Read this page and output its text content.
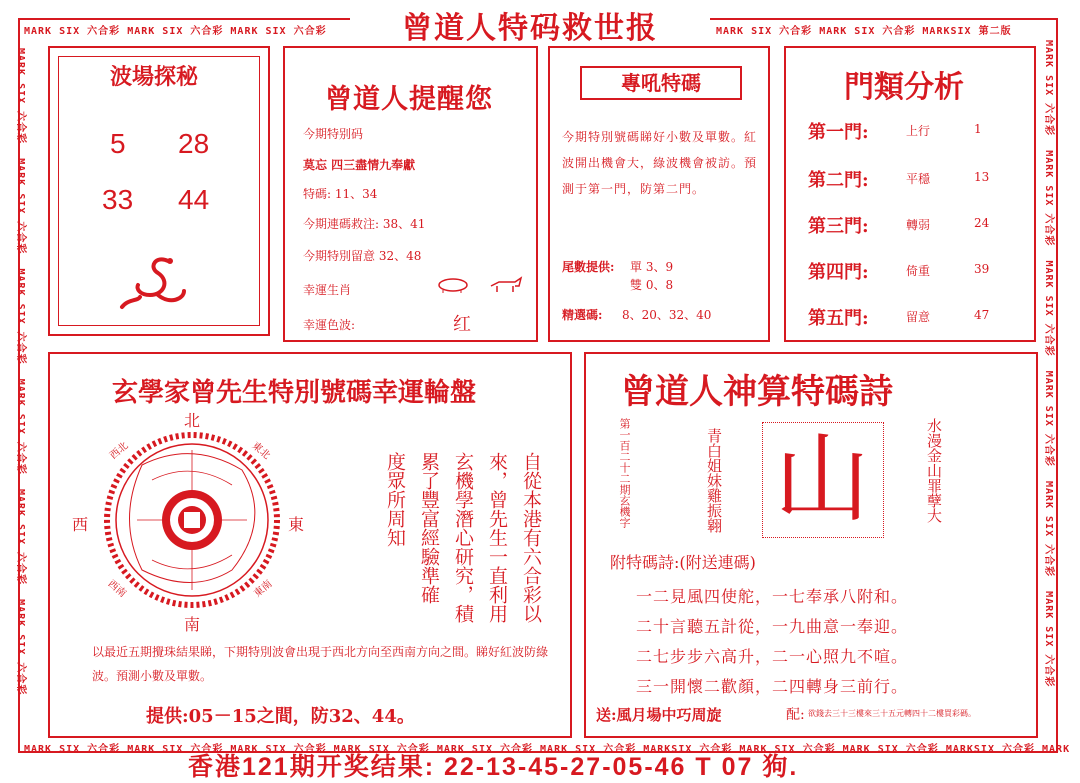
MARK SIX 六合彩 MARK SIX 六合彩 MARK SIX 六合彩	MARK SIX 六合彩 MARK SIX 六合彩 MARKSIX 第二版
MARK SIX 六合彩 MARK SIX 六合彩 MARK SIX 六合彩 MARK SIX 六合彩 MARK SIX 六合彩 MARK SIX 六合彩 MARKSIX 六合彩 MARK SIX 六合彩 MARK SIX 六合彩 MARKSIX 六合彩 MARK
MARK SIX 六合彩  MARK SIX 六合彩  MARK SIX 六合彩  MARK SIX 六合彩  MARK SIX 六合彩  MARK SIX 六合彩
MARK SIX 六合彩  MARK SIX 六合彩  MARK SIX 六合彩  MARK SIX 六合彩  MARK SIX 六合彩  MARK SIX 六合彩
曾道人特码救世报
波場探秘
5 28
33 44
曾道人提醒您
今期特别码
莫忘 四三盡情九奉獻
特碼: 11、34
今期連碼救注: 38、41
今期特別留意 32、48
幸運生肖
幸運色波:	红
專吼特碼
今期特別號碼睇好小數及單數。紅波開出機會大，綠波機會被訪。預測于第一門，防第二門。
尾數提供: 單 3、9
雙 0、8
精選碼: 8、20、32、40
門類分析
第一門:	上行	1
第二門:	平穩	13
第三門:	轉弱	24
第四門:	倚重	39
第五門:	留意	47
玄學家曾先生特別號碼幸運輪盤
自從本港有六合彩以
來，曾先生一直利用
玄機學潛心研究，積
累了豐富經驗準確
度眾所周知
以最近五期攪珠結果睇，下期特別波會出現于西北方向至西南方向之間。睇好紅波防綠波。預測小數及單數。
提供:05－15之間，防32、44。
北
南
東
西
東北
西北
東南
西南
曾道人神算特碼詩
第一百二十二期玄機字	青白姐妹雞振翱 山	水漫金山罪孽大
附特碼詩:(附送連碼)
一二見風四使舵，一七奉承八附和。
二十言聽五計從，一九曲意一奉迎。
二七步步六高升，二一心照九不喧。
三一開懷二歡顏，二四轉身三前行。
送:風月場中巧周旋	配: 欲錢去三十三樓來三十五元轉四十二樓買彩碼。
香港121期开奖结果: 22-13-45-27-05-46 T 07 狗.
